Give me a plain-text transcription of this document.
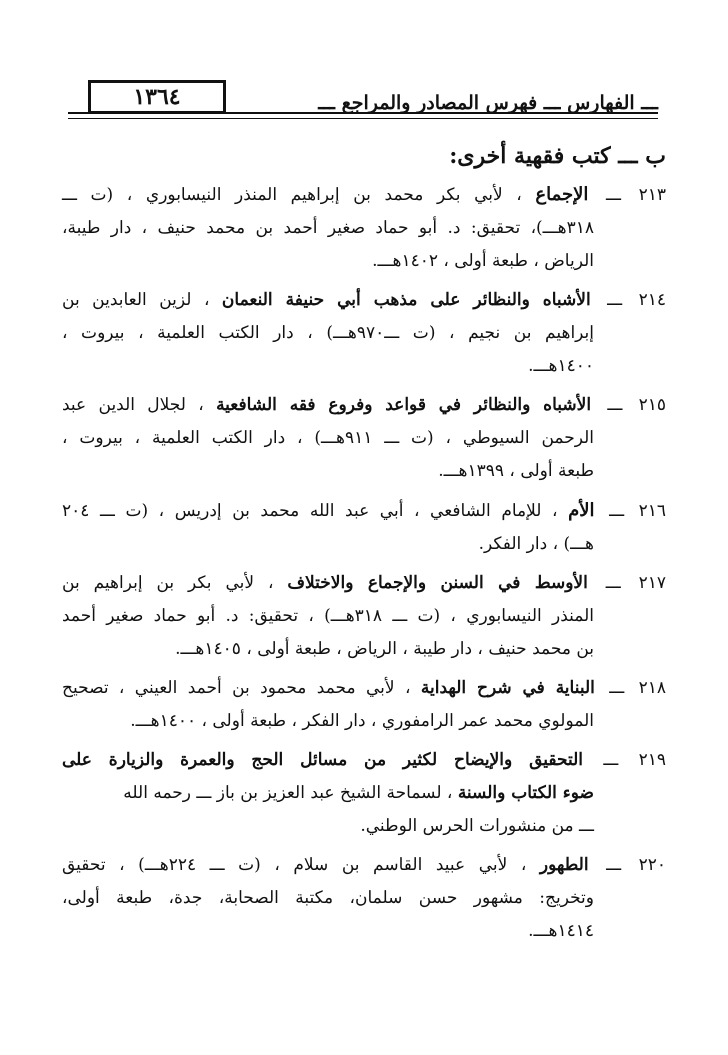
١٣٦٤	ـــ الفهارس ـــ فهرس المصادر والمراجع ـــ
ب ـــ كتب فقهية أخرى:
٢١٣ ـــ الإجماع ، لأبي بكر محمد بن إبراهيم المنذر النيسابوري ، (ت ـــ
٣١٨هـــ)، تحقيق: د. أبو حماد صغير أحمد بن محمد حنيف ، دار طيبة،
الرياض ، طبعة أولى ، ١٤٠٢هـــ.
٢١٤ ـــ الأشباه والنظائر على مذهب أبي حنيفة النعمان ، لزين العابدين بن
إبراهيم بن نجيم ، (ت ـــ٩٧٠هـــ) ، دار الكتب العلمية ، بيروت ،
١٤٠٠هـــ.
٢١٥ ـــ الأشباه والنظائر في قواعد وفروع فقه الشافعية ، لجلال الدين عبد
الرحمن السيوطي ، (ت ـــ ٩١١هـــ) ، دار الكتب العلمية ، بيروت ،
طبعة أولى ، ١٣٩٩هـــ.
٢١٦ ـــ الأم ، للإمام الشافعي ، أبي عبد الله محمد بن إدريس ، (ت ـــ ٢٠٤
هـــ) ، دار الفكر.
٢١٧ ـــ الأوسط في السنن والإجماع والاختلاف ، لأبي بكر بن إبراهيم بن
المنذر النيسابوري ، (ت ـــ ٣١٨هـــ) ، تحقيق: د. أبو حماد صغير أحمد
بن محمد حنيف ، دار طيبة ، الرياض ، طبعة أولى ، ١٤٠٥هـــ.
٢١٨ ـــ البناية في شرح الهداية ، لأبي محمد محمود بن أحمد العيني ، تصحيح
المولوي محمد عمر الرامفوري ، دار الفكر ، طبعة أولى ، ١٤٠٠هـــ.
٢١٩ ـــ التحقيق والإيضاح لكثير من مسائل الحج والعمرة والزيارة على
ضوء الكتاب والسنة ، لسماحة الشيخ عبد العزيز بن باز ـــ رحمه الله
ـــ من منشورات الحرس الوطني.
٢٢٠ ـــ الطهور ، لأبي عبيد القاسم بن سلام ، (ت ـــ ٢٢٤هـــ) ، تحقيق
وتخريج: مشهور حسن سلمان، مكتبة الصحابة، جدة، طبعة أولى،
١٤١٤هـــ.
